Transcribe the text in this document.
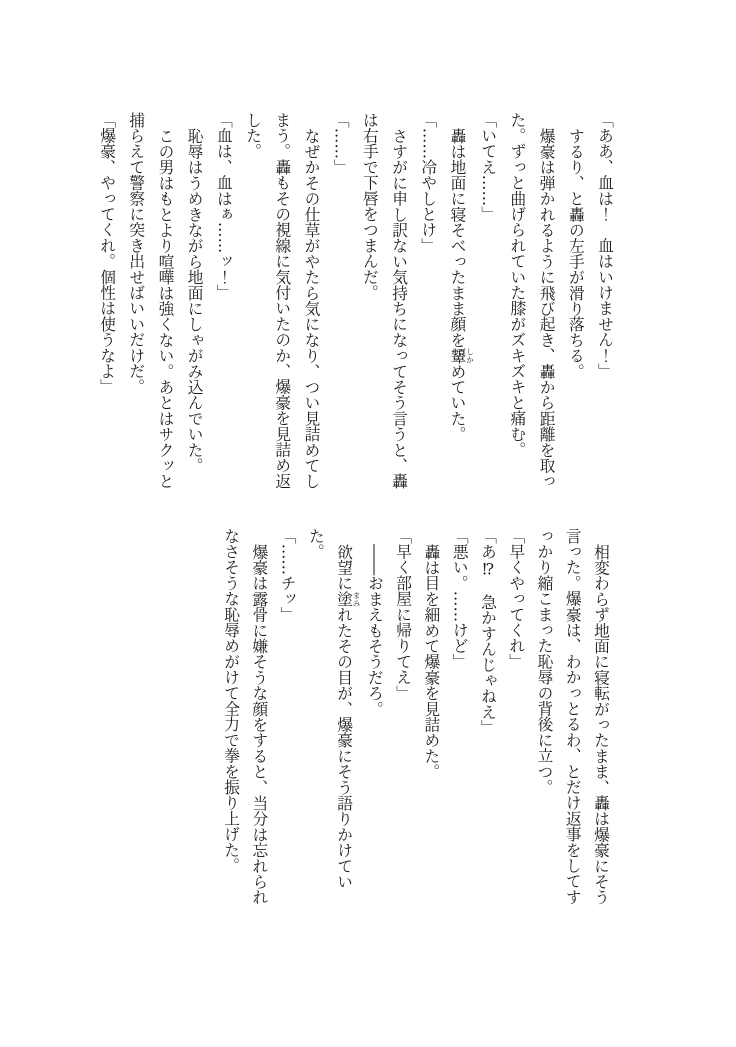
「ああ、血は！　血はいけません！」

するり、と轟の左手が滑り落ちる。

爆豪は弾かれるように飛び起き、轟から距離を取った。ずっと曲げられていた膝がズキズキと痛む。

「いてえ……」

轟は地面に寝そべったまま顔を顰しかめていた。

「……冷やしとけ」

さすがに申し訳ない気持ちになってそう言うと、轟は右手で下唇をつまんだ。

「……」

なぜかその仕草がやたら気になり、つい見詰めてしまう。轟もその視線に気付いたのか、爆豪を見詰め返した。

「血は、血はぁ……ッ！」

恥辱はうめきながら地面にしゃがみ込んでいた。

この男はもとより喧嘩は強くない。あとはサクッと捕らえて警察に突き出せばいいだけだ。

「爆豪、やってくれ。個性は使うなよ」

相変わらず地面に寝転がったまま、轟は爆豪にそう言った。爆豪は、わかっとるわ、とだけ返事をしてすっかり縮こまった恥辱の背後に立つ。

「早くやってくれ」

「あ⁉　急かすんじゃねえ」

「悪い。……けど」

轟は目を細めて爆豪を見詰めた。

「早く部屋に帰りてえ」

――おまえもそうだろ。

欲望に塗まみれたその目が、爆豪にそう語りかけていた。

「……チッ」

爆豪は露骨に嫌そうな顔をすると、当分は忘れられなさそうな恥辱めがけて全力で拳を振り上げた。
